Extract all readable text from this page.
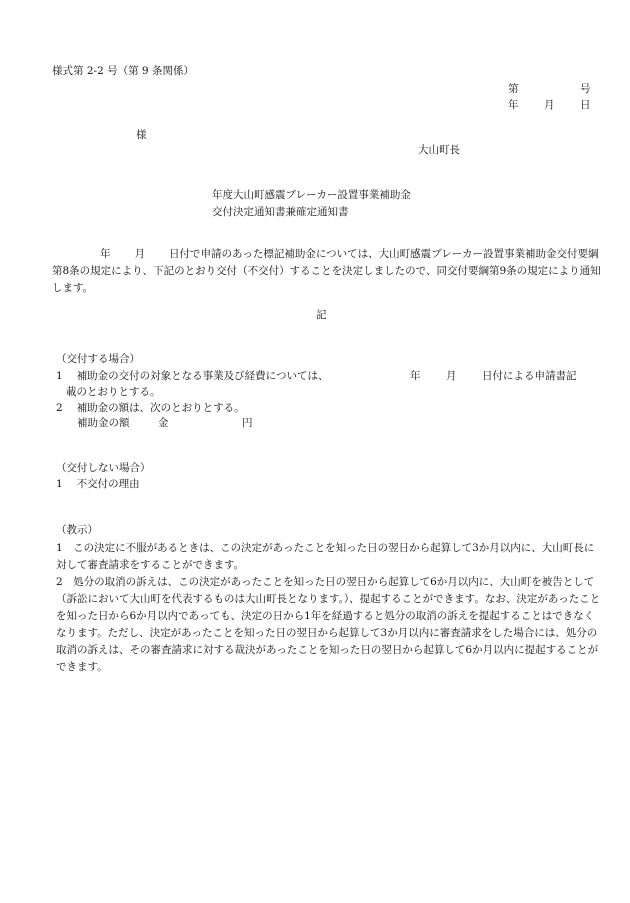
様式第 2-2 号（第 9 条関係）
第	号
年 月 日
様
大山町長
年度大山町感震ブレーカー設置事業補助金
交付決定通知書兼確定通知書
年 月 日付で申請のあった標記補助金については、大山町感震ブレーカー設置事業補助金交付要綱第8条の規定により、下記のとおり交付（不交付）することを決定しましたので、同交付要綱第9条の規定により通知します。
記
（交付する場合）
1 補助金の交付の対象となる事業及び経費については、	年 月 日付による申請書記
載のとおりとする。
2 補助金の額は、次のとおりとする。
補助金の額	金	円
（交付しない場合）
1 不交付の理由
（教示）
1　この決定に不服があるときは、この決定があったことを知った日の翌日から起算して3か月以内に、大山町長に対して審査請求をすることができます。
2　処分の取消の訴えは、この決定があったことを知った日の翌日から起算して6か月以内に、大山町を被告として（訴訟において大山町を代表するものは大山町長となります。）、提起することができます。なお、決定があったことを知った日から6か月以内であっても、決定の日から1年を経過すると処分の取消の訴えを提起することはできなくなります。ただし、決定があったことを知った日の翌日から起算して3か月以内に審査請求をした場合には、処分の取消の訴えは、その審査請求に対する裁決があったことを知った日の翌日から起算して6か月以内に提起することができます。
